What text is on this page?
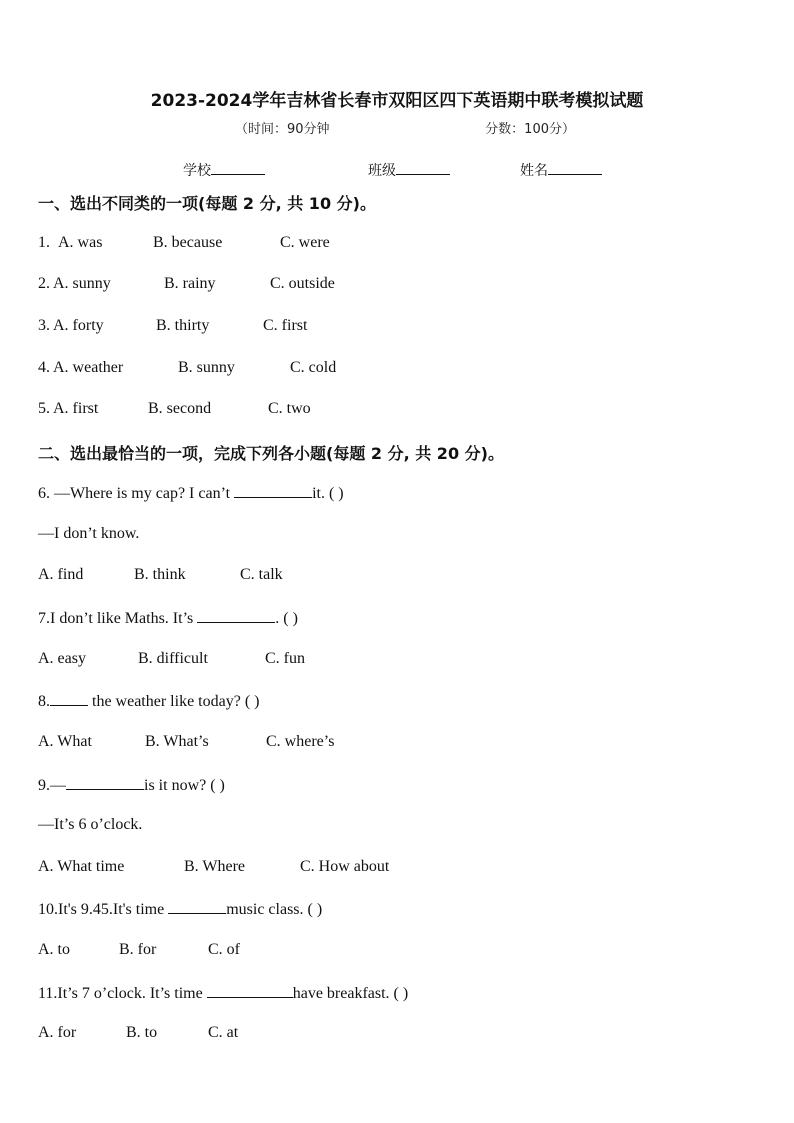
2023-2024学年吉林省长春市双阳区四下英语期中联考模拟试题
（时间：90分钟	分数：100分）
学校	班级	姓名
一、选出不同类的一项(每题 2 分, 共 10 分)。
1. A. was	B. because	C. were
2. A. sunny	B. rainy	C. outside
3. A. forty	B. thirty	C. first
4. A. weather	B. sunny	C. cold
5. A. first	B. second	C. two
二、选出最恰当的一项，完成下列各小题(每题 2 分, 共 20 分)。
6. —Where is my cap? I can’t	it. ( )
—I don’t know.
A. find	B. think	C. talk
7.I don’t like Maths. It’s	. ( )
A. easy	B. difficult	C. fun
8. the weather like today? ( )
A. What	B. What’s	C. where’s
9.—	is it now? ( )
—It’s 6 o’clock.
A. What time	B. Where	C. How about
10.It's 9.45.It's time	music class. ( )
A. to	B. for	C. of
11.It’s 7 o’clock. It’s time	have breakfast. ( )
A. for	B. to	C. at
